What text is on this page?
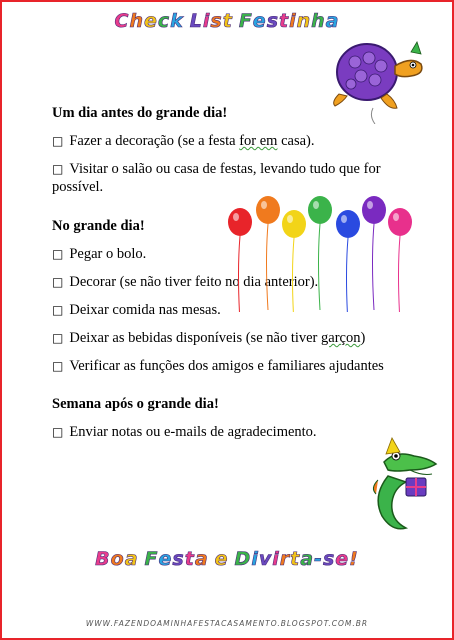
Check List Festinha

Um dia antes do grande dia!

□ Fazer a decoração (se a festa for em casa).

□ Visitar o salão ou casa de festas, levando tudo que for possível.

No grande dia!

□ Pegar o bolo.

□ Decorar (se não tiver feito no dia anterior).

□ Deixar comida nas mesas.

□ Deixar as bebidas disponíveis (se não tiver garçon)

□ Verificar as funções dos amigos e familiares ajudantes

Semana após o grande dia!

□ Enviar notas ou e-mails de agradecimento.

Boa Festa e Divirta-se!
WWW.FAZENDOAMINHAFESTACASAMENTO.BLOGSPOT.COM.BR
